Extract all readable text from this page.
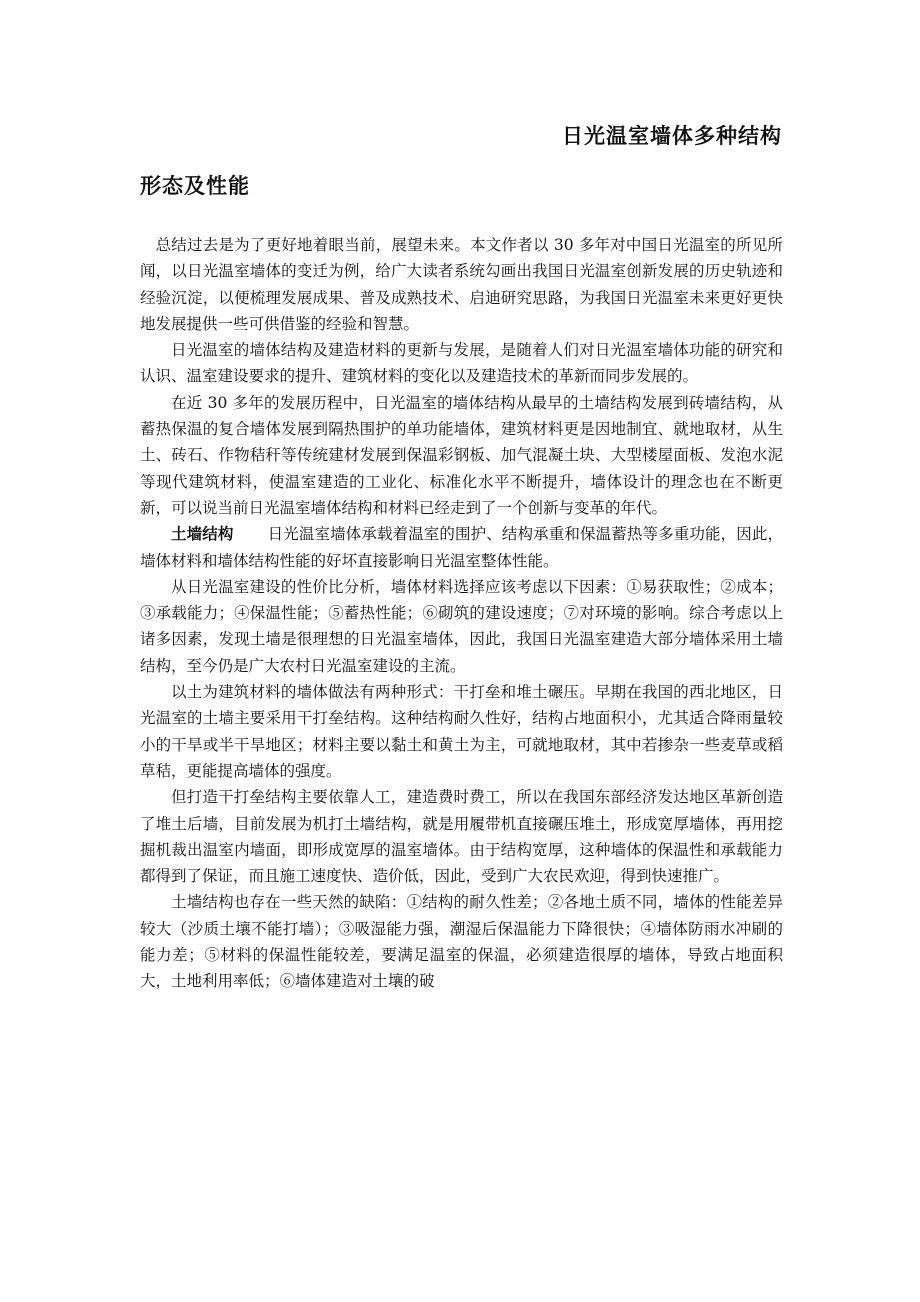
日光温室墙体多种结构
形态及性能

总结过去是为了更好地着眼当前，展望未来。本文作者以 30 多年对中国日光温室的所见所闻，以日光温室墙体的变迁为例，给广大读者系统勾画出我国日光温室创新发展的历史轨迹和经验沉淀，以便梳理发展成果、普及成熟技术、启迪研究思路，为我国日光温室未来更好更快地发展提供一些可供借鉴的经验和智慧。

日光温室的墙体结构及建造材料的更新与发展，是随着人们对日光温室墙体功能的研究和认识、温室建设要求的提升、建筑材料的变化以及建造技术的革新而同步发展的。

在近 30 多年的发展历程中，日光温室的墙体结构从最早的土墙结构发展到砖墙结构，从蓄热保温的复合墙体发展到隔热围护的单功能墙体，建筑材料更是因地制宜、就地取材，从生土、砖石、作物秸秆等传统建材发展到保温彩钢板、加气混凝土块、大型楼屋面板、发泡水泥等现代建筑材料，使温室建造的工业化、标准化水平不断提升，墙体设计的理念也在不断更新，可以说当前日光温室墙体结构和材料已经走到了一个创新与变革的年代。

土墙结构 日光温室墙体承载着温室的围护、结构承重和保温蓄热等多重功能，因此，墙体材料和墙体结构性能的好坏直接影响日光温室整体性能。

从日光温室建设的性价比分析，墙体材料选择应该考虑以下因素：①易获取性；②成本；③承载能力；④保温性能；⑤蓄热性能；⑥砌筑的建设速度；⑦对环境的影响。综合考虑以上诸多因素，发现土墙是很理想的日光温室墙体，因此，我国日光温室建造大部分墙体采用土墙结构，至今仍是广大农村日光温室建设的主流。

以土为建筑材料的墙体做法有两种形式：干打垒和堆土碾压。早期在我国的西北地区，日光温室的土墙主要采用干打垒结构。这种结构耐久性好，结构占地面积小，尤其适合降雨量较小的干旱或半干旱地区；材料主要以黏土和黄土为主，可就地取材，其中若掺杂一些麦草或稻草秸，更能提高墙体的强度。

但打造干打垒结构主要依靠人工，建造费时费工，所以在我国东部经济发达地区革新创造了堆土后墙，目前发展为机打土墙结构，就是用履带机直接碾压堆土，形成宽厚墙体，再用挖掘机裁出温室内墙面，即形成宽厚的温室墙体。由于结构宽厚，这种墙体的保温性和承载能力都得到了保证，而且施工速度快、造价低，因此，受到广大农民欢迎，得到快速推广。

土墙结构也存在一些天然的缺陷：①结构的耐久性差；②各地土质不同，墙体的性能差异较大（沙质土壤不能打墙）；③吸湿能力强，潮湿后保温能力下降很快；④墙体防雨水冲刷的能力差；⑤材料的保温性能较差，要满足温室的保温，必须建造很厚的墙体，导致占地面积大，土地利用率低；⑥墙体建造对土壤的破
